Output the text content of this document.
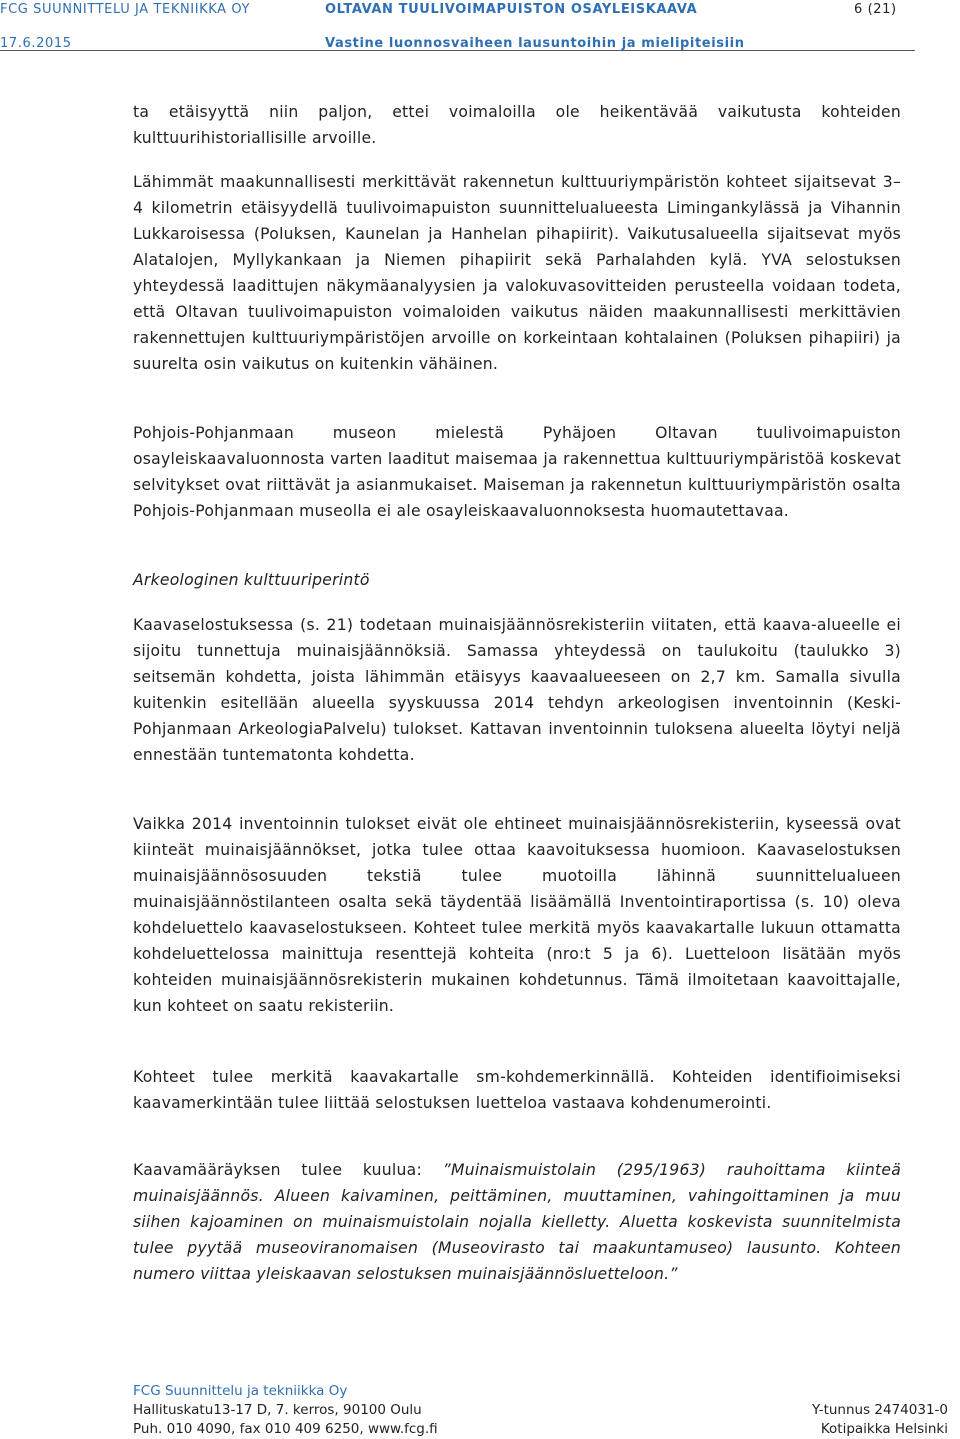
FCG SUUNNITTELU JA TEKNIIKKA OY	OLTAVAN TUULIVOIMAPUISTON OSAYLEISKAAVA	6 (21)
17.6.2015	Vastine luonnosvaiheen lausuntoihin ja mielipiteisiin

ta etäisyyttä niin paljon, ettei voimaloilla ole heikentävää vaikutusta kohteiden kulttuurihistoriallisille arvoille.

Lähimmät maakunnallisesti merkittävät rakennetun kulttuuriympäristön kohteet sijaitsevat 3–4 kilometrin etäisyydellä tuulivoimapuiston suunnittelualueesta Limingankylässä ja Vihannin Lukkaroisessa (Poluksen, Kaunelan ja Hanhelan pihapiirit). Vaikutusalueella sijaitsevat myös Alatalojen, Myllykankaan ja Niemen pihapiirit sekä Parhalahden kylä. YVA selostuksen yhteydessä laadittujen näkymäanalyysien ja valokuvasovitteiden perusteella voidaan todeta, että Oltavan tuulivoimapuiston voimaloiden vaikutus näiden maakunnallisesti merkittävien rakennettujen kulttuuriympäristöjen arvoille on korkeintaan kohtalainen (Poluksen pihapiiri) ja suurelta osin vaikutus on kuitenkin vähäinen.

Pohjois-Pohjanmaan museon mielestä Pyhäjoen Oltavan tuulivoimapuiston osayleiskaavaluonnosta varten laaditut maisemaa ja rakennettua kulttuuriympäristöä koskevat selvitykset ovat riittävät ja asianmukaiset. Maiseman ja rakennetun kulttuuriympäristön osalta Pohjois-Pohjanmaan museolla ei ale osayleiskaavaluonnoksesta huomautettavaa.

Arkeologinen kulttuuriperintö

Kaavaselostuksessa (s. 21) todetaan muinaisjäännösrekisteriin viitaten, että kaava-alueelle ei sijoitu tunnettuja muinaisjäännöksiä. Samassa yhteydessä on taulukoitu (taulukko 3) seitsemän kohdetta, joista lähimmän etäisyys kaavaalueeseen on 2,7 km. Samalla sivulla kuitenkin esitellään alueella syyskuussa 2014 tehdyn arkeologisen inventoinnin (Keski-Pohjanmaan ArkeologiaPalvelu) tulokset. Kattavan inventoinnin tuloksena alueelta löytyi neljä ennestään tuntematonta kohdetta.

Vaikka 2014 inventoinnin tulokset eivät ole ehtineet muinaisjäännösrekisteriin, kyseessä ovat kiinteät muinaisjäännökset, jotka tulee ottaa kaavoituksessa huomioon. Kaavaselostuksen muinaisjäännösosuuden tekstiä tulee muotoilla lähinnä suunnittelualueen muinaisjäännöstilanteen osalta sekä täydentää lisäämällä Inventointiraportissa (s. 10) oleva kohdeluettelo kaavaselostukseen. Kohteet tulee merkitä myös kaavakartalle lukuun ottamatta kohdeluettelossa mainittuja resenttejä kohteita (nro:t 5 ja 6). Luetteloon lisätään myös kohteiden muinaisjäännösrekisterin mukainen kohdetunnus. Tämä ilmoitetaan kaavoittajalle, kun kohteet on saatu rekisteriin.

Kohteet tulee merkitä kaavakartalle sm-kohdemerkinnällä. Kohteiden identifioimiseksi kaavamerkintään tulee liittää selostuksen luetteloa vastaava kohdenumerointi.

Kaavamääräyksen tulee kuulua: ”Muinaismuistolain (295/1963) rauhoittama kiinteä muinaisjäännös. Alueen kaivaminen, peittäminen, muuttaminen, vahingoittaminen ja muu siihen kajoaminen on muinaismuistolain nojalla kielletty. Aluetta koskevista suunnitelmista tulee pyytää museoviranomaisen (Museovirasto tai maakuntamuseo) lausunto. Kohteen numero viittaa yleiskaavan selostuksen muinaisjäännösluetteloon.”

FCG Suunnittelu ja tekniikka Oy
Hallituskatu13-17 D, 7. kerros, 90100 Oulu
Puh. 010 4090, fax 010 409 6250, www.fcg.fi
Y-tunnus 2474031-0
Kotipaikka Helsinki
